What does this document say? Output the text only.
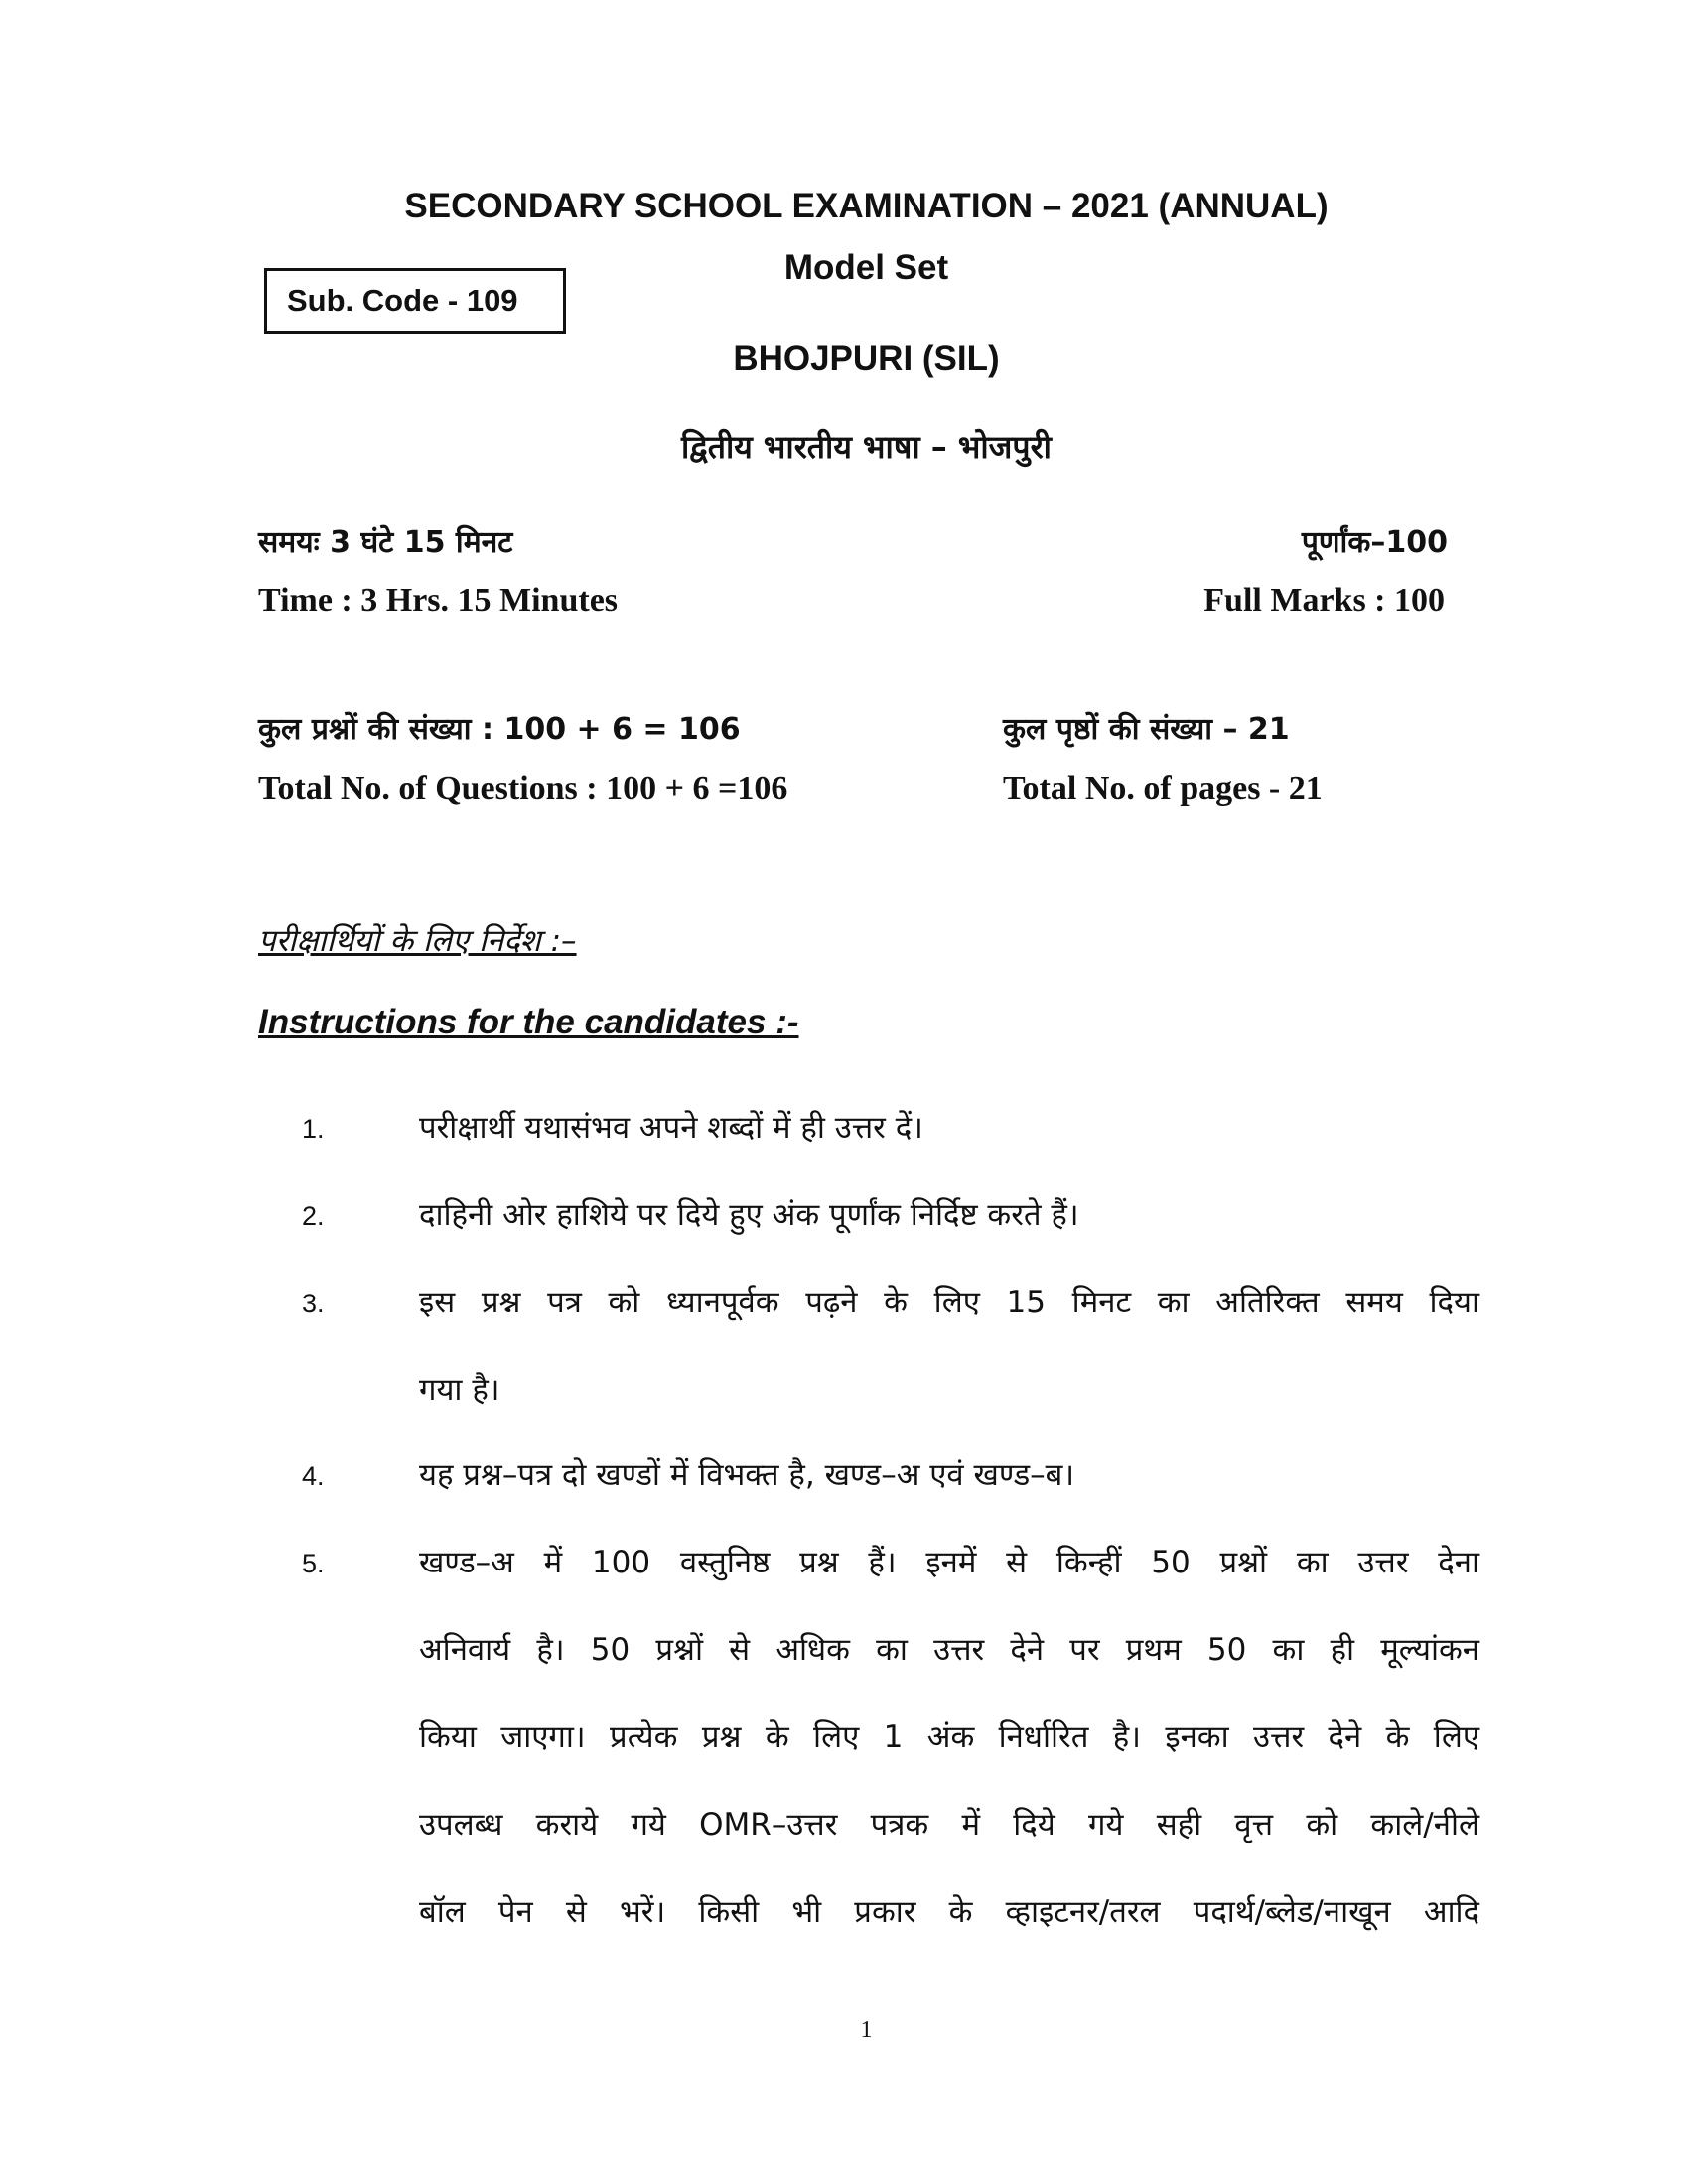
SECONDARY SCHOOL EXAMINATION – 2021 (ANNUAL)
Model Set
Sub. Code - 109
BHOJPURI (SIL)
द्वितीय भारतीय भाषा – भोजपुरी
समयः 3 घंटे 15 मिनट	पूर्णांक–100
Time : 3 Hrs. 15 Minutes	Full Marks : 100
कुल प्रश्नों की संख्या : 100 + 6 = 106	कुल पृष्ठों की संख्या – 21
Total No. of Questions : 100 + 6 =106	Total No. of pages - 21
परीक्षार्थियों के लिए निर्देश :–
Instructions for the candidates :-
1.	परीक्षार्थी यथासंभव अपने शब्दों में ही उत्तर दें।
2.	दाहिनी ओर हाशिये पर दिये हुए अंक पूर्णांक निर्दिष्ट करते हैं।
3.	इस प्रश्न पत्र को ध्यानपूर्वक पढ़ने के लिए 15 मिनट का अतिरिक्त समय दिया
गया है।
4.	यह प्रश्न–पत्र दो खण्डों में विभक्त है, खण्ड–अ एवं खण्ड–ब।
5.	खण्ड–अ में 100 वस्तुनिष्ठ प्रश्न हैं। इनमें से किन्हीं 50 प्रश्नों का उत्तर देना
अनिवार्य है। 50 प्रश्नों से अधिक का उत्तर देने पर प्रथम 50 का ही मूल्यांकन
किया जाएगा। प्रत्येक प्रश्न के लिए 1 अंक निर्धारित है। इनका उत्तर देने के लिए
उपलब्ध कराये गये OMR–उत्तर पत्रक में दिये गये सही वृत्त को काले/नीले
बॉल पेन से भरें। किसी भी प्रकार के व्हाइटनर/तरल पदार्थ/ब्लेड/नाखून आदि
1
